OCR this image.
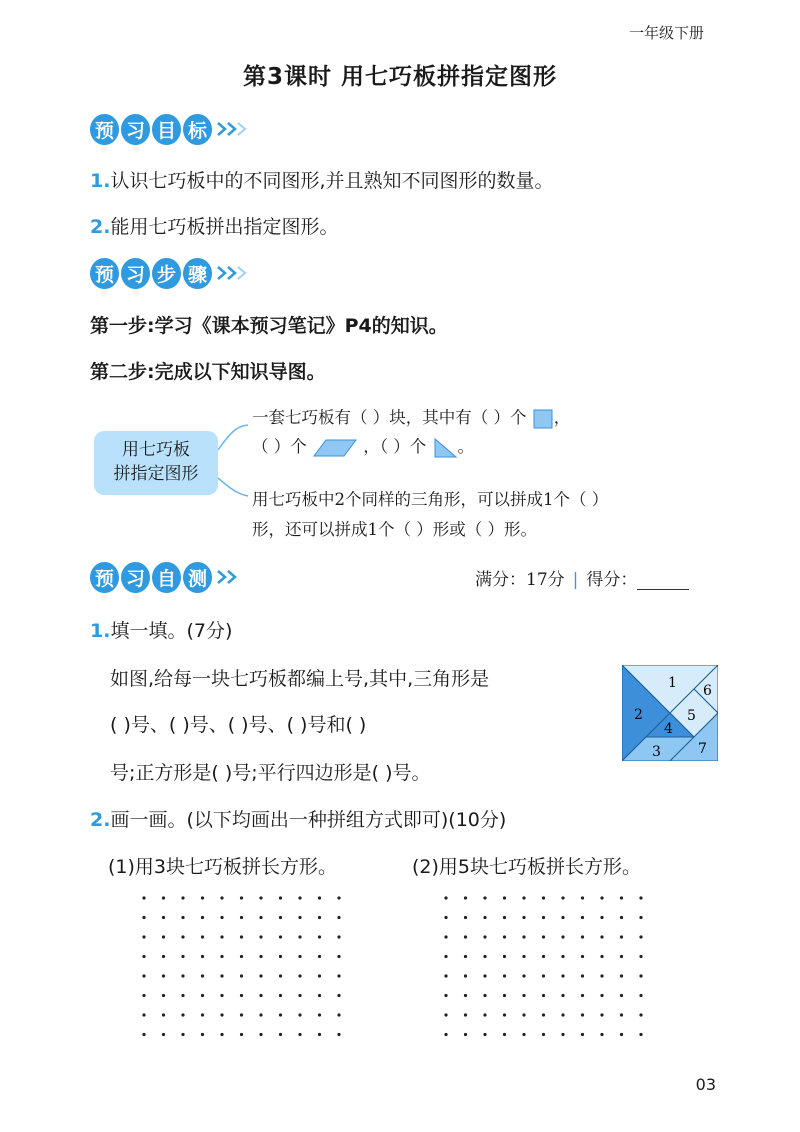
一年级下册
第3课时 用七巧板拼指定图形
预 习 目 标
1.认识七巧板中的不同图形,并且熟知不同图形的数量。
2.能用七巧板拼出指定图形。
预 习 步 骤
第一步:学习《课本预习笔记》P4的知识。
第二步:完成以下知识导图。
用七巧板
拼指定图形
一套七巧板有（ ）块，其中有（ ）个 ，
（ ）个	，（ ）个 。
用七巧板中2个同样的三角形，可以拼成1个（ ）
形，还可以拼成1个（ ）形或（ ）形。
预 习 自 测	满分：17分 | 得分：
1.填一填。(7分)
如图,给每一块七巧板都编上号,其中,三角形是
( )号、( )号、( )号、( )号和( )
号;正方形是( )号;平行四边形是( )号。
1
2
3
4
5
6
7
2.画一画。(以下均画出一种拼组方式即可)(10分)
(1)用3块七巧板拼长方形。	(2)用5块七巧板拼长方形。
03
